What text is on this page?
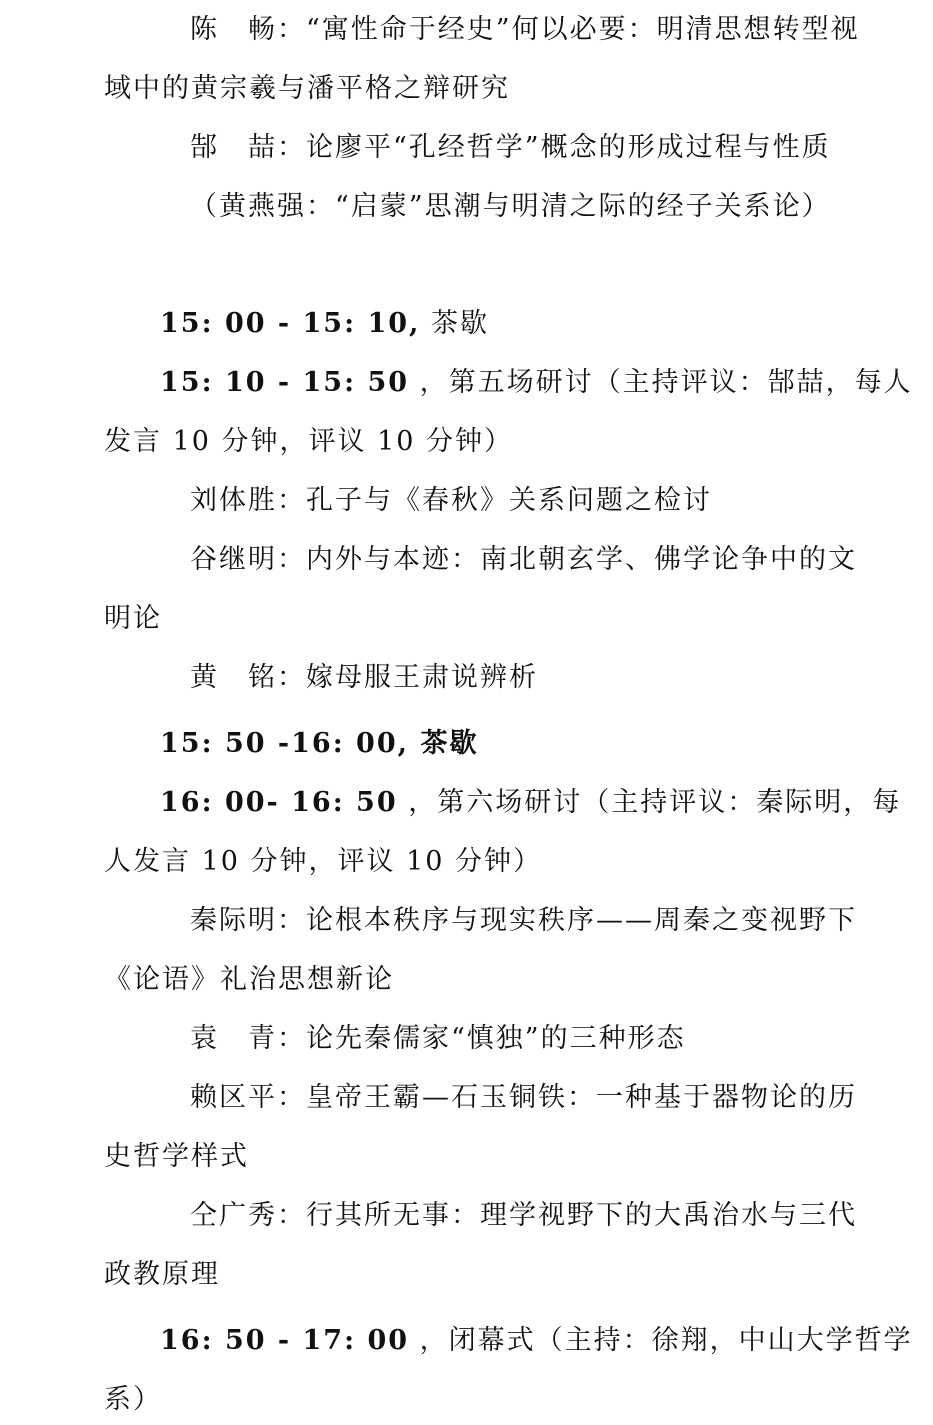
陈　畅：“寓性命于经史”何以必要：明清思想转型视

域中的黄宗羲与潘平格之辩研究

郜　喆：论廖平“孔经哲学”概念的形成过程与性质

（黄燕强：“启蒙”思潮与明清之际的经子关系论）

15: 00 - 15: 10, 茶歇

15: 10 - 15: 50 ，第五场研讨（主持评议：郜喆，每人

发言 10 分钟，评议 10 分钟）

刘体胜：孔子与《春秋》关系问题之检讨

谷继明：内外与本迹：南北朝玄学、佛学论争中的文

明论

黄　铭：嫁母服王肃说辨析

15: 50 -16: 00, 茶歇

16: 00- 16: 50 ，第六场研讨（主持评议：秦际明，每

人发言 10 分钟，评议 10 分钟）

秦际明：论根本秩序与现实秩序——周秦之变视野下

《论语》礼治思想新论

袁　青：论先秦儒家“慎独”的三种形态

赖区平：皇帝王霸—石玉铜铁：一种基于器物论的历

史哲学样式

仝广秀：行其所无事：理学视野下的大禹治水与三代

政教原理

16: 50 - 17: 00 ，闭幕式（主持：徐翔，中山大学哲学

系）
